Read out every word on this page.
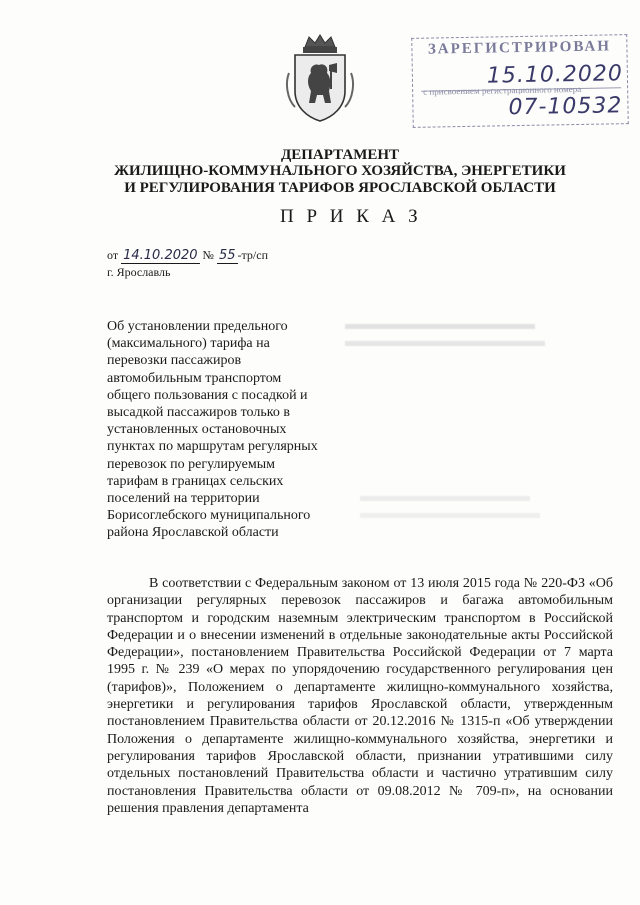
ЗАРЕГИСТРИРОВАН
15.10.2020
с присвоением регистрационного номера
07-10532
ДЕПАРТАМЕНТ
ЖИЛИЩНО-КОММУНАЛЬНОГО ХОЗЯЙСТВА, ЭНЕРГЕТИКИ
И РЕГУЛИРОВАНИЯ ТАРИФОВ ЯРОСЛАВСКОЙ ОБЛАСТИ
П Р И К А З
от 14.10.2020 № 55 -тр/сп
г. Ярославль
Об установлении предельного
(максимального) тарифа на
перевозки пассажиров
автомобильным транспортом
общего пользования с посадкой и
высадкой пассажиров только в
установленных остановочных
пунктах по маршрутам регулярных
перевозок по регулируемым
тарифам в границах сельских
поселений на территории
Борисоглебского муниципального
района Ярославской области

В соответствии с Федеральным законом от 13 июля 2015 года № 220-ФЗ «Об организации регулярных перевозок пассажиров и багажа автомобильным транспортом и городским наземным электрическим транспортом в Российской Федерации и о внесении изменений в отдельные законодательные акты Российской Федерации», постановлением Правительства Российской Федерации от 7 марта 1995 г. № 239 «О мерах по упорядочению государственного регулирования цен (тарифов)», Положением о департаменте жилищно-коммунального хозяйства, энергетики и регулирования тарифов Ярославской области, утвержденным постановлением Правительства области от 20.12.2016 № 1315-п «Об утверждении Положения о департаменте жилищно-коммунального хозяйства, энергетики и регулирования тарифов Ярославской области, признании утратившими силу отдельных постановлений Правительства области и частично утратившим силу постановления Правительства области от 09.08.2012 № 709-п», на основании решения правления департамента
